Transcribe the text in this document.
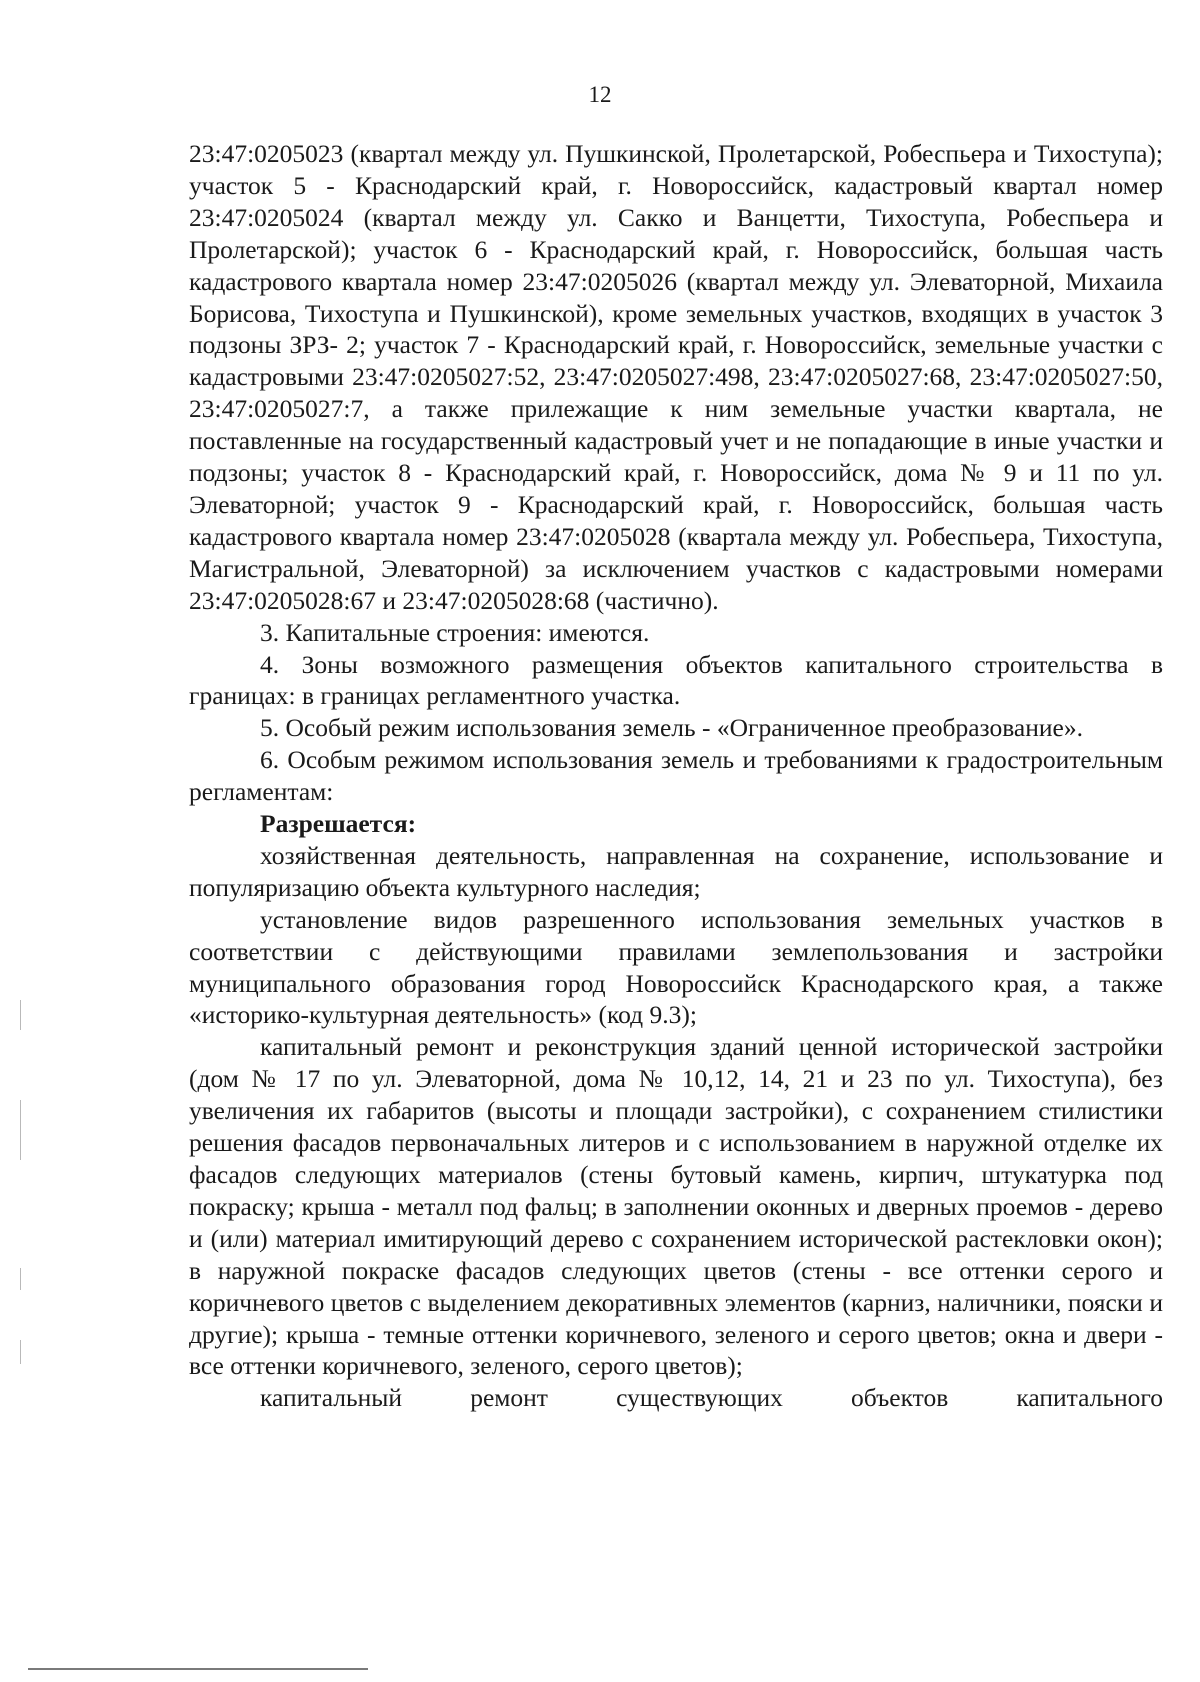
12

23:47:0205023 (квартал между ул. Пушкинской, Пролетарской, Робеспьера и Тихоступа); участок 5 - Краснодарский край, г. Новороссийск, кадастровый квартал номер 23:47:0205024 (квартал между ул. Сакко и Ванцетти, Тихоступа, Робеспьера и Пролетарской); участок 6 - Краснодарский край, г. Новороссийск, большая часть кадастрового квартала номер 23:47:0205026 (квартал между ул. Элеваторной, Михаила Борисова, Тихоступа и Пушкинской), кроме земельных участков, входящих в участок 3 подзоны ЗРЗ- 2; участок 7 - Краснодарский край, г. Новороссийск, земельные участки с кадастровыми 23:47:0205027:52, 23:47:0205027:498, 23:47:0205027:68, 23:47:0205027:50, 23:47:0205027:7, а также прилежащие к ним земельные участки квартала, не поставленные на государственный кадастровый учет и не попадающие в иные участки и подзоны; участок 8 - Краснодарский край, г. Новороссийск, дома № 9 и 11 по ул. Элеваторной; участок 9 - Краснодарский край, г. Новороссийск, большая часть кадастрового квартала номер 23:47:0205028 (квартала между ул. Робеспьера, Тихоступа, Магистральной, Элеваторной) за исключением участков с кадастровыми номерами 23:47:0205028:67 и 23:47:0205028:68 (частично).

3. Капитальные строения: имеются.

4. Зоны возможного размещения объектов капитального строительства в границах: в границах регламентного участка.

5. Особый режим использования земель - «Ограниченное преобразование».

6. Особым режимом использования земель и требованиями к градостроительным регламентам:

Разрешается:

хозяйственная деятельность, направленная на сохранение, использование и популяризацию объекта культурного наследия;

установление видов разрешенного использования земельных участков в соответствии с действующими правилами землепользования и застройки муниципального образования город Новороссийск Краснодарского края, а также «историко-культурная деятельность» (код 9.3);

капитальный ремонт и реконструкция зданий ценной исторической застройки (дом № 17 по ул. Элеваторной, дома № 10,12, 14, 21 и 23 по ул. Тихоступа), без увеличения их габаритов (высоты и площади застройки), с сохранением стилистики решения фасадов первоначальных литеров и с использованием в наружной отделке их фасадов следующих материалов (стены бутовый камень, кирпич, штукатурка под покраску; крыша - металл под фальц; в заполнении оконных и дверных проемов - дерево и (или) материал имитирующий дерево с сохранением исторической растекловки окон); в наружной покраске фасадов следующих цветов (стены - все оттенки серого и коричневого цветов с выделением декоративных элементов (карниз, наличники, пояски и другие); крыша - темные оттенки коричневого, зеленого и серого цветов; окна и двери - все оттенки коричневого, зеленого, серого цветов);

капитальный ремонт существующих объектов капитального
